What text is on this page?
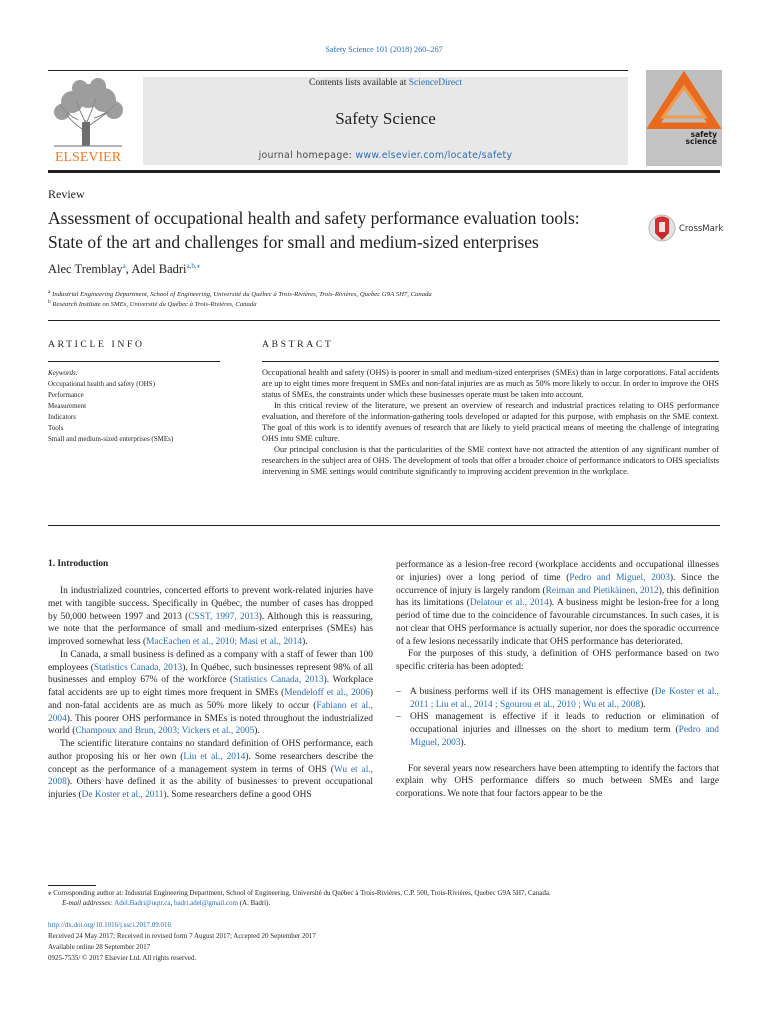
Safety Science 101 (2018) 260–267
ELSEVIER
Contents lists available at ScienceDirect
Safety Science
journal homepage: www.elsevier.com/locate/safety
safety
science
Review
Assessment of occupational health and safety performance evaluation tools:
State of the art and challenges for small and medium-sized enterprises
CrossMark
Alec Tremblay$^a$, Adel Badri$^{a,b,⁎}$
$^a$ Industrial Engineering Department, School of Engineering, Université du Québec à Trois-Rivières, Trois-Rivières, Quebec G9A 5H7, Canada
$^b$ Research Institute on SMEs, Université du Québec à Trois-Rivières, Canada
ARTICLE INFO
Keywords:
Occupational health and safety (OHS)
Performance
Measurement
Indicators
Tools
Small and medium-sized enterprises (SMEs)
ABSTRACT

Occupational health and safety (OHS) is poorer in small and medium-sized enterprises (SMEs) than in large corporations. Fatal accidents are up to eight times more frequent in SMEs and non-fatal injuries are as much as 50% more likely to occur. In order to improve the OHS status of SMEs, the constraints under which these businesses operate must be taken into account.

In this critical review of the literature, we present an overview of research and industrial practices relating to OHS performance evaluation, and therefore of the information-gathering tools developed or adapted for this purpose, with emphasis on the SME context. The goal of this work is to identify avenues of research that are likely to yield practical means of meeting the challenge of integrating OHS into SME culture.

Our principal conclusion is that the particularities of the SME context have not attracted the attention of any significant number of researchers in the subject area of OHS. The development of tools that offer a broader choice of performance indicators to OHS specialists intervening in SME settings would contribute significantly to improving accident prevention in the workplace.

1. Introduction

In industrialized countries, concerted efforts to prevent work-related injuries have met with tangible success. Specifically in Québec, the number of cases has dropped by 50,000 between 1997 and 2013 (CSST, 1997, 2013). Although this is reassuring, we note that the performance of small and medium-sized enterprises (SMEs) has improved somewhat less (MacEachen et al., 2010; Masi et al., 2014).

In Canada, a small business is defined as a company with a staff of fewer than 100 employees (Statistics Canada, 2013). In Québec, such businesses represent 98% of all businesses and employ 67% of the workforce (Statistics Canada, 2013). Workplace fatal accidents are up to eight times more frequent in SMEs (Mendeloff et al., 2006) and non-fatal accidents are as much as 50% more likely to occur (Fabiano et al., 2004). This poorer OHS performance in SMEs is noted throughout the industrialized world (Champoux and Brun, 2003; Vickers et al., 2005).

The scientific literature contains no standard definition of OHS performance, each author proposing his or her own (Liu et al., 2014). Some researchers describe the concept as the performance of a management system in terms of OHS (Wu et al., 2008). Others have defined it as the ability of businesses to prevent occupational injuries (De Koster et al., 2011). Some researchers define a good OHS

performance as a lesion-free record (workplace accidents and occupational illnesses or injuries) over a long period of time (Pedro and Miguel, 2003). Since the occurrence of injury is largely random (Reiman and Pietikäinen, 2012), this definition has its limitations (Delatour et al., 2014). A business might be lesion-free for a long period of time due to the coincidence of favourable circumstances. In such cases, it is not clear that OHS performance is actually superior, nor does the sporadic occurrence of a few lesions necessarily indicate that OHS performance has deteriorated.

For the purposes of this study, a definition of OHS performance based on two specific criteria has been adopted:

– A business performs well if its OHS management is effective (De Koster et al., 2011 ; Liu et al., 2014 ; Sgourou et al., 2010 ; Wu et al., 2008).
– OHS management is effective if it leads to reduction or elimination of occupational injuries and illnesses on the short to medium term (Pedro and Miguel, 2003).

For several years now researchers have been attempting to identify the factors that explain why OHS performance differs so much between SMEs and large corporations. We note that four factors appear to be the

⁎ Corresponding author at: Industrial Engineering Department, School of Engineering, Université du Québec à Trois-Rivières, C.P. 500, Trois-Rivières, Quebec G9A 5H7, Canada.
E-mail addresses: Adel.Badri@uqtr.ca, badri.adel@gmail.com (A. Badri).
http://dx.doi.org/10.1016/j.ssci.2017.09.016
Received 24 May 2017; Received in revised form 7 August 2017; Accepted 20 September 2017
Available online 28 September 2017
0925-7535/ © 2017 Elsevier Ltd. All rights reserved.
